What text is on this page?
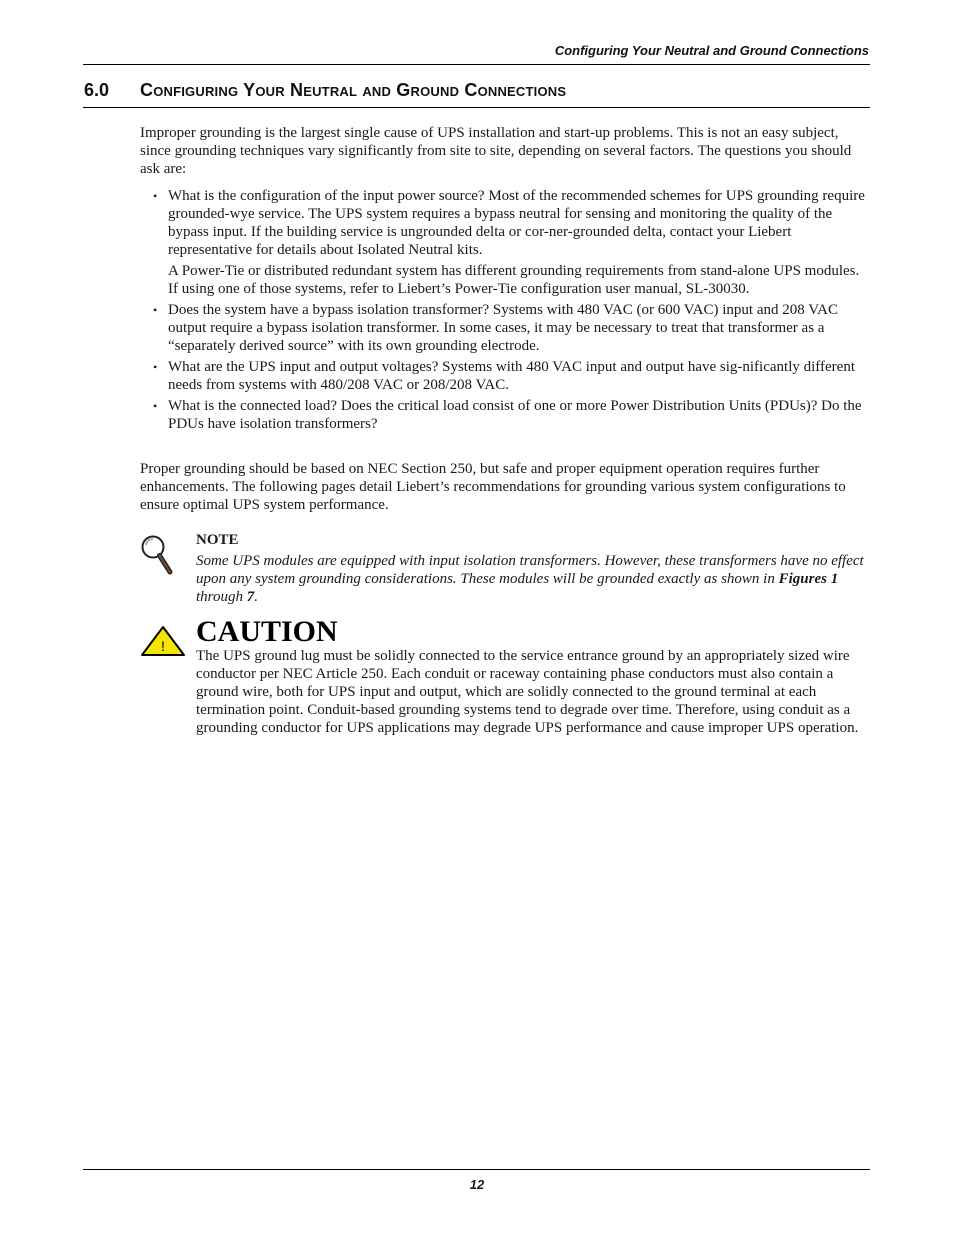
Configuring Your Neutral and Ground Connections
6.0 Configuring Your Neutral and Ground Connections

Improper grounding is the largest single cause of UPS installation and start-up problems. This is not an easy subject, since grounding techniques vary significantly from site to site, depending on several factors. The questions you should ask are:

• What is the configuration of the input power source? Most of the recommended schemes for UPS grounding require grounded-wye service. The UPS system requires a bypass neutral for sensing and monitoring the quality of the bypass input. If the building service is ungrounded delta or cor-ner-grounded delta, contact your Liebert representative for details about Isolated Neutral kits.
A Power-Tie or distributed redundant system has different grounding requirements from stand-alone UPS modules. If using one of those systems, refer to Liebert’s Power-Tie configuration user manual, SL-30030.
• Does the system have a bypass isolation transformer? Systems with 480 VAC (or 600 VAC) input and 208 VAC output require a bypass isolation transformer. In some cases, it may be necessary to treat that transformer as a “separately derived source” with its own grounding electrode.
• What are the UPS input and output voltages? Systems with 480 VAC input and output have sig-nificantly different needs from systems with 480/208 VAC or 208/208 VAC.
• What is the connected load? Does the critical load consist of one or more Power Distribution Units (PDUs)? Do the PDUs have isolation transformers?

Proper grounding should be based on NEC Section 250, but safe and proper equipment operation requires further enhancements. The following pages detail Liebert’s recommendations for grounding various system configurations to ensure optimal UPS system performance.

NOTE

Some UPS modules are equipped with input isolation transformers. However, these transformers have no effect upon any system grounding considerations. These modules will be grounded exactly as shown in Figures 1 through 7.

! CAUTION

The UPS ground lug must be solidly connected to the service entrance ground by an appropriately sized wire conductor per NEC Article 250. Each conduit or raceway containing phase conductors must also contain a ground wire, both for UPS input and output, which are solidly connected to the ground terminal at each termination point. Conduit-based grounding systems tend to degrade over time. Therefore, using conduit as a grounding conductor for UPS applications may degrade UPS performance and cause improper UPS operation.

12
